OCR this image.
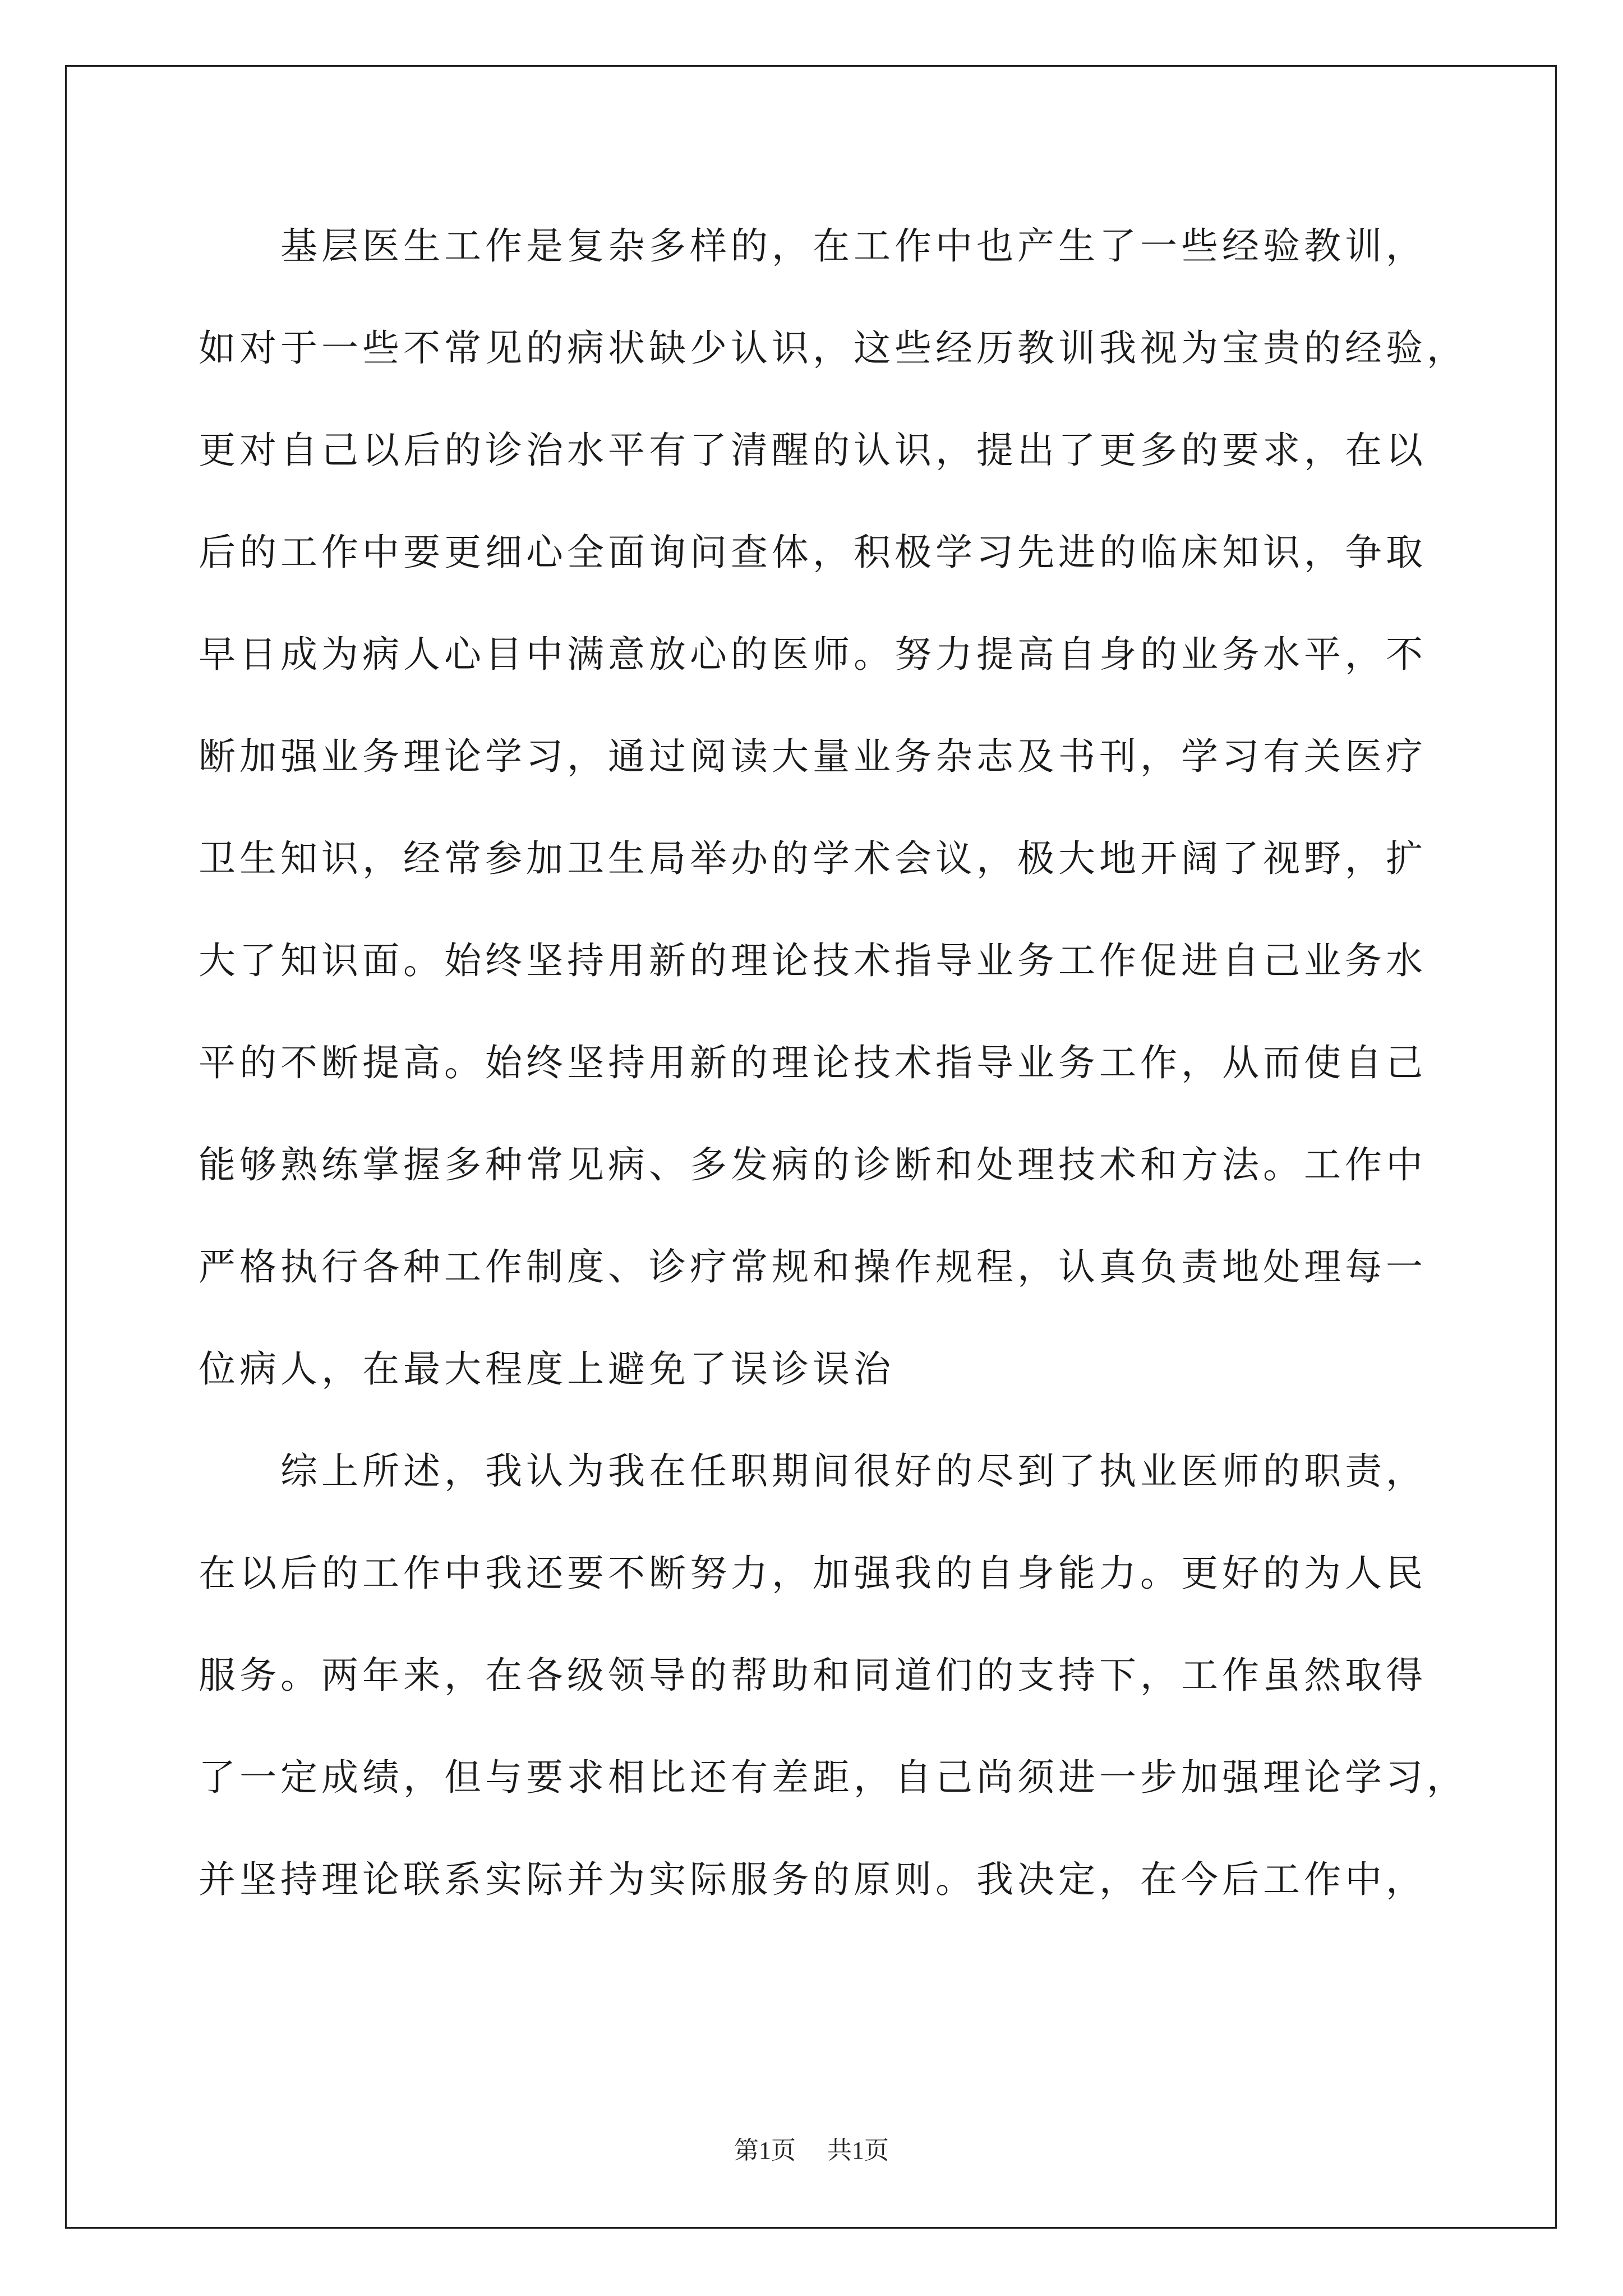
基层医生工作是复杂多样的，在工作中也产生了一些经验教训，
如对于一些不常见的病状缺少认识，这些经历教训我视为宝贵的经验，
更对自己以后的诊治水平有了清醒的认识，提出了更多的要求，在以
后的工作中要更细心全面询问查体，积极学习先进的临床知识，争取
早日成为病人心目中满意放心的医师。努力提高自身的业务水平，不
断加强业务理论学习，通过阅读大量业务杂志及书刊，学习有关医疗
卫生知识，经常参加卫生局举办的学术会议，极大地开阔了视野，扩
大了知识面。始终坚持用新的理论技术指导业务工作促进自己业务水
平的不断提高。始终坚持用新的理论技术指导业务工作，从而使自己
能够熟练掌握多种常见病、多发病的诊断和处理技术和方法。工作中
严格执行各种工作制度、诊疗常规和操作规程，认真负责地处理每一
位病人，在最大程度上避免了误诊误治
综上所述，我认为我在任职期间很好的尽到了执业医师的职责，
在以后的工作中我还要不断努力，加强我的自身能力。更好的为人民
服务。两年来，在各级领导的帮助和同道们的支持下，工作虽然取得
了一定成绩，但与要求相比还有差距，自己尚须进一步加强理论学习，
并坚持理论联系实际并为实际服务的原则。我决定，在今后工作中，
第1页 共1页
